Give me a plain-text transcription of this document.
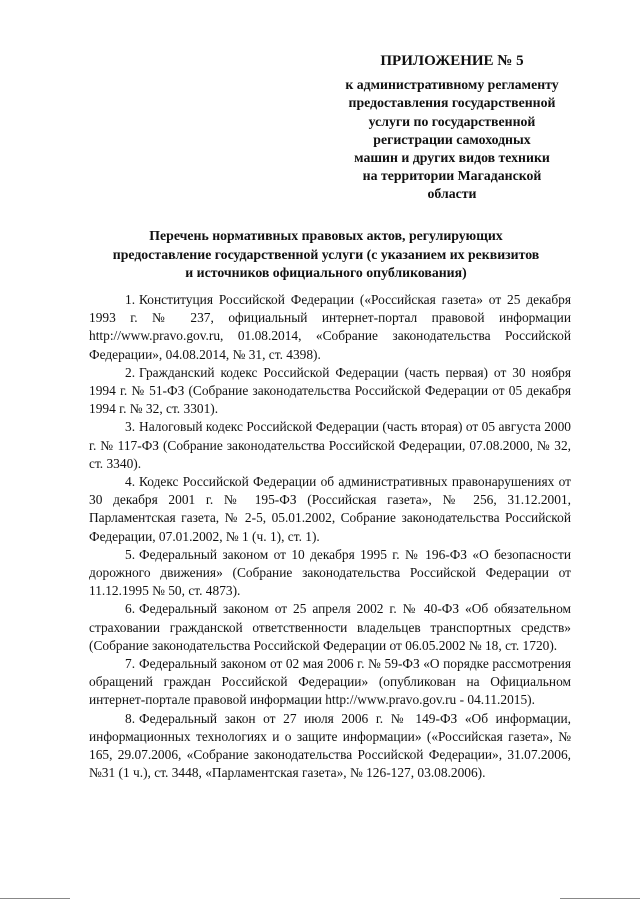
ПРИЛОЖЕНИЕ № 5
к административному регламенту
предоставления государственной
услуги по государственной
регистрации самоходных
машин и других видов техники
на территории Магаданской
области
Перечень нормативных правовых актов, регулирующих
предоставление государственной услуги (с указанием их реквизитов
и источников официального опубликования)

1. Конституция Российской Федерации («Российская газета» от 25 декабря 1993 г. № 237, официальный интернет-портал правовой информации http://www.pravo.gov.ru, 01.08.2014, «Собрание законодательства Российской Федерации», 04.08.2014, № 31, ст. 4398).

2. Гражданский кодекс Российской Федерации (часть первая) от 30 ноября 1994 г. № 51-ФЗ (Собрание законодательства Российской Федерации от 05 декабря 1994 г. № 32, ст. 3301).

3. Налоговый кодекс Российской Федерации (часть вторая) от 05 августа 2000 г. № 117-ФЗ (Собрание законодательства Российской Федерации, 07.08.2000, № 32, ст. 3340).

4. Кодекс Российской Федерации об административных правонарушениях от 30 декабря 2001 г. № 195-ФЗ (Российская газета», № 256, 31.12.2001, Парламентская газета, № 2-5, 05.01.2002, Собрание законодательства Российской Федерации, 07.01.2002, № 1 (ч. 1), ст. 1).

5. Федеральный законом от 10 декабря 1995 г. № 196-ФЗ «О безопасности дорожного движения» (Собрание законодательства Российской Федерации от 11.12.1995 № 50, ст. 4873).

6. Федеральный законом от 25 апреля 2002 г. № 40-ФЗ «Об обязательном страховании гражданской ответственности владельцев транспортных средств» (Собрание законодательства Российской Федерации от 06.05.2002 № 18, ст. 1720).

7. Федеральный законом от 02 мая 2006 г. № 59-ФЗ «О порядке рассмотрения обращений граждан Российской Федерации» (опубликован на Официальном интернет-портале правовой информации http://www.pravo.gov.ru - 04.11.2015).

8. Федеральный закон от 27 июля 2006 г. № 149-ФЗ «Об информации, информационных технологиях и о защите информации» («Российская газета», № 165, 29.07.2006, «Собрание законодательства Российской Федерации», 31.07.2006, №31 (1 ч.), ст. 3448, «Парламентская газета», № 126-127, 03.08.2006).
